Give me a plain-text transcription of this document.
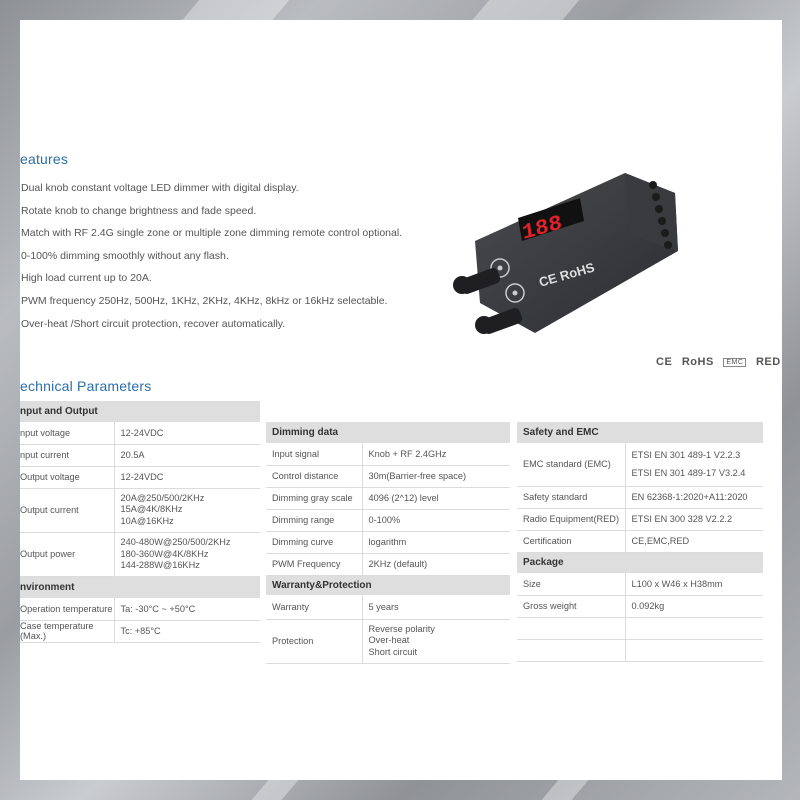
eatures
Dual knob constant voltage LED dimmer with digital display.
Rotate knob to change brightness and fade speed.
Match with RF 2.4G single zone or multiple zone dimming remote control optional.
0-100% dimming smoothly without any flash.
High load current up to 20A.
PWM frequency 250Hz, 500Hz, 1KHz, 2KHz, 4KHz, 8kHz or 16kHz selectable.
Over-heat /Short circuit protection, recover automatically.
188
CE RoHS
CE RoHS EMC RED
echnical Parameters
nput and Output	
nput voltage	12-24VDC
nput current	20.5A
Output voltage	12-24VDC
Output current	20A@250/500/2KHz
15A@4K/8KHz
10A@16KHz

Output power	240-480W@250/500/2KHz
180-360W@4K/8KHz
144-288W@16KHz

nvironment	
Operation temperature	Ta: -30°C ~ +50°C
Case temperature (Max.)	Tc: +85°C
Dimming data	
Input signal	Knob + RF 2.4GHz
Control distance	30m(Barrier-free space)
Dimming gray scale	4096 (2^12) level
Dimming range	0-100%
Dimming curve	logarithm
PWM Frequency	2KHz (default)
Warranty&Protection	
Warranty	5 years
Protection	Reverse polarity
Over-heat
Short circuit
Safety and EMC	
EMC standard (EMC)	ETSI EN 301 489-1 V2.2.3
ETSI EN 301 489-17 V3.2.4

Safety standard	EN 62368-1:2020+A11:2020
Radio Equipment(RED)	ETSI EN 300 328 V2.2.2
Certification	CE,EMC,RED
Package	
Size	L100 x W46 x H38mm
Gross weight	0.092kg
